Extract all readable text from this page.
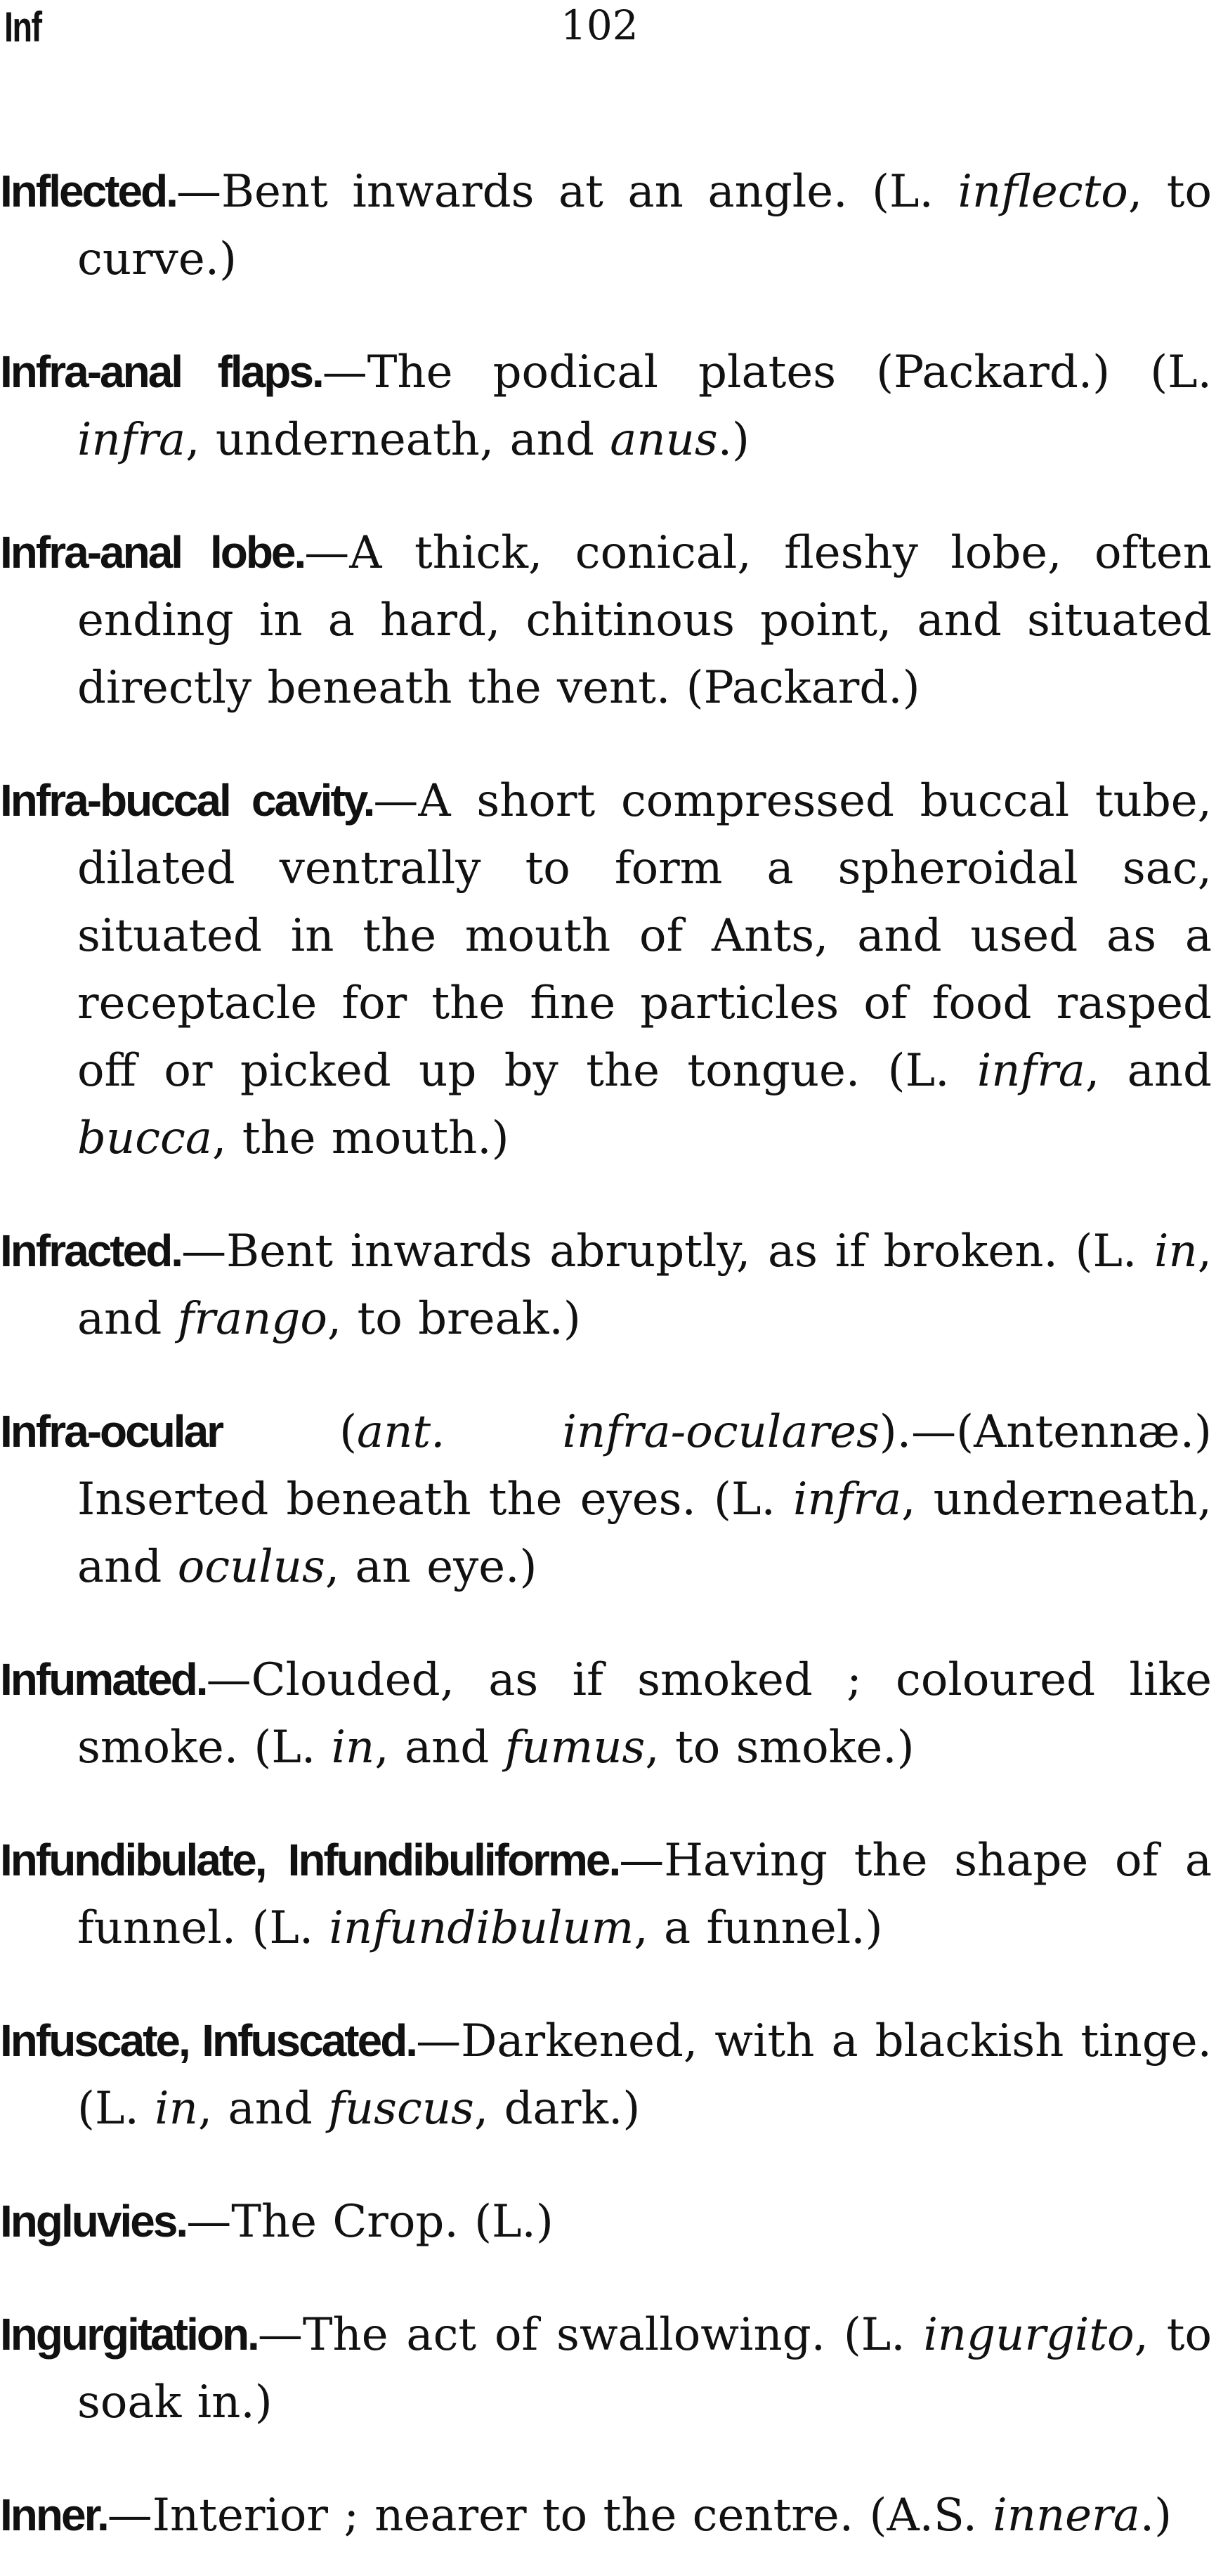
Inf	102

Inflected.—Bent inwards at an angle. (L. inflecto, to curve.)

Infra-anal flaps.—The podical plates (Packard.) (L. infra, underneath, and anus.)

Infra-anal lobe.—A thick, conical, fleshy lobe, often ending in a hard, chitinous point, and situated directly beneath the vent. (Packard.)

Infra-buccal cavity.—A short compressed buccal tube, dilated ventrally to form a spheroidal sac, situated in the mouth of Ants, and used as a receptacle for the fine particles of food rasped off or picked up by the tongue. (L. infra, and bucca, the mouth.)

Infracted.—Bent inwards abruptly, as if broken. (L. in, and frango, to break.)

Infra-ocular (ant. infra-oculares).—(Antennæ.) Inserted beneath the eyes. (L. infra, underneath, and oculus, an eye.)

Infumated.—Clouded, as if smoked ; coloured like smoke. (L. in, and fumus, to smoke.)

Infundibulate, Infundibuliforme.—Having the shape of a funnel. (L. infundibulum, a funnel.)

Infuscate, Infuscated.—Darkened, with a blackish tinge. (L. in, and fuscus, dark.)

Ingluvies.—The Crop. (L.)

Ingurgitation.—The act of swallowing. (L. ingurgito, to soak in.)

Inner.—Interior ; nearer to the centre. (A.S. innera.)
